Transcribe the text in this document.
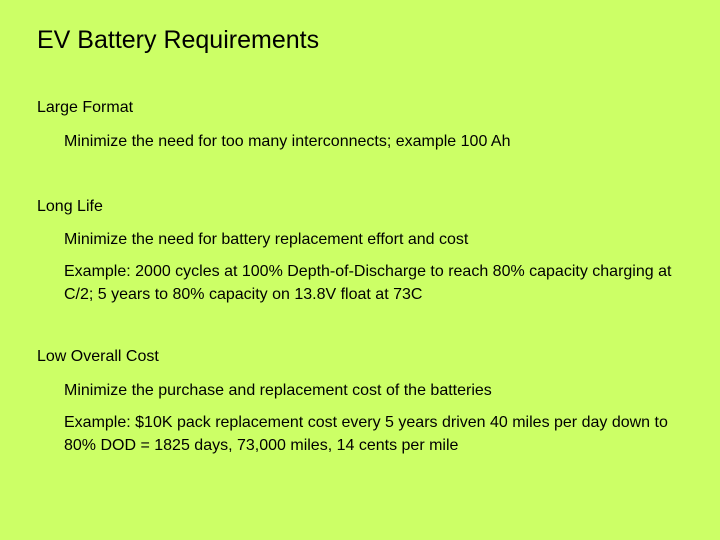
EV Battery Requirements
Large Format
Minimize the need for too many interconnects; example 100 Ah
Long Life
Minimize the need for battery replacement effort and cost
Example: 2000 cycles at 100% Depth-of-Discharge to reach 80% capacity charging at C/2; 5 years to 80% capacity on 13.8V float at 73C
Low Overall Cost
Minimize the purchase and replacement cost of the batteries
Example: $10K pack replacement cost every 5 years driven 40 miles per day down to 80% DOD = 1825 days, 73,000 miles, 14 cents per mile
